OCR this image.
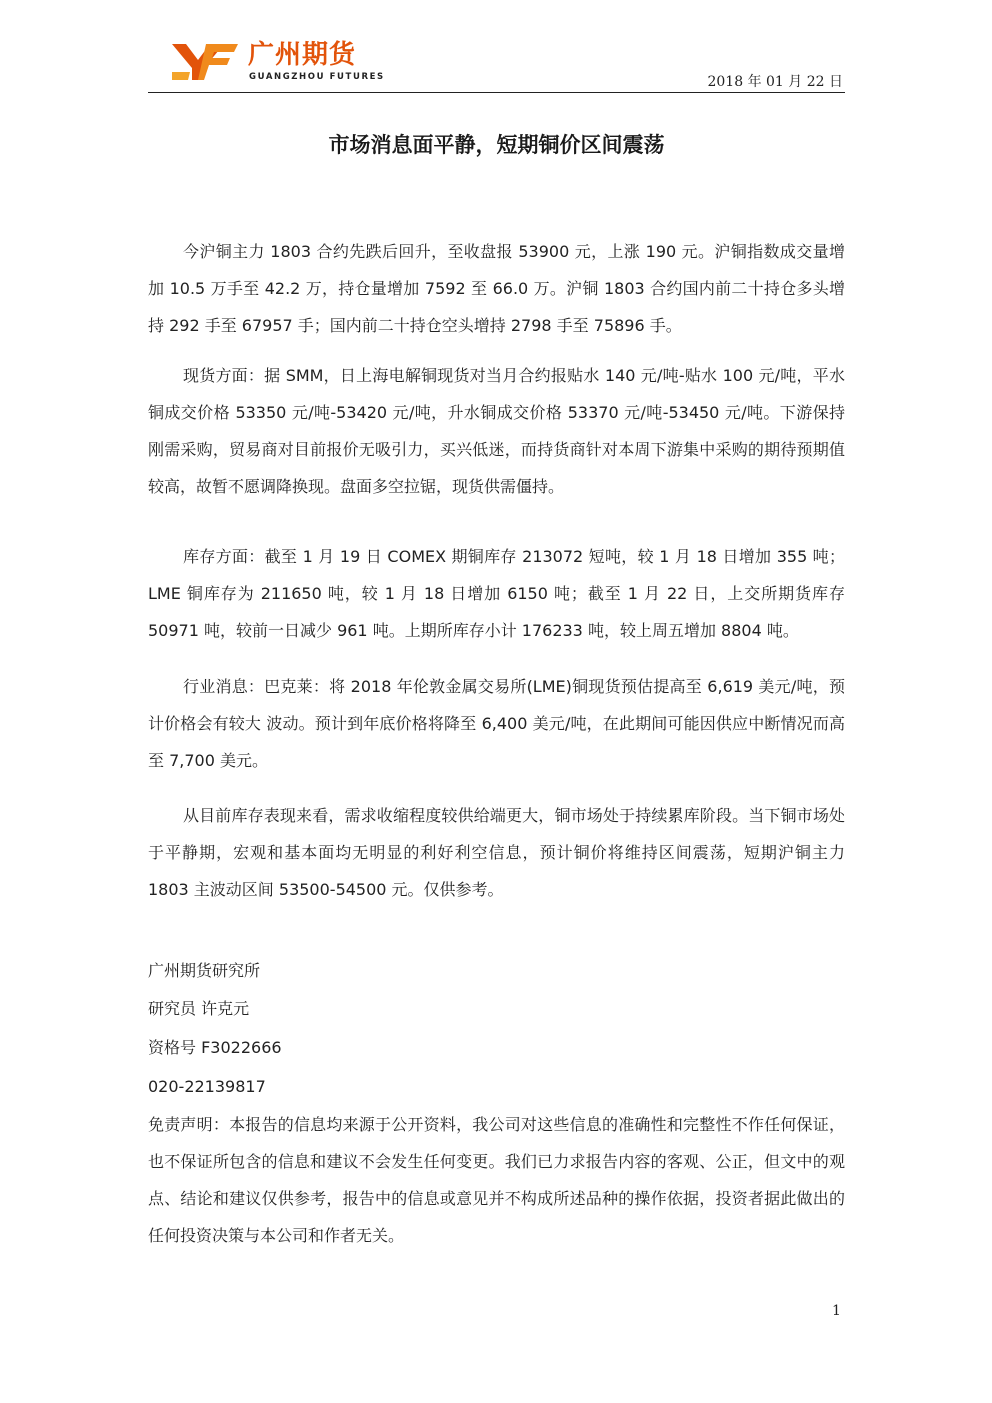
广州期货
GUANGZHOU FUTURES	2018 年 01 月 22 日
市场消息面平静，短期铜价区间震荡

今沪铜主力 1803 合约先跌后回升，至收盘报 53900 元，上涨 190 元。沪铜指数成交量增加 10.5 万手至 42.2 万，持仓量增加 7592 至 66.0 万。沪铜 1803 合约国内前二十持仓多头增持 292 手至 67957 手；国内前二十持仓空头增持 2798 手至 75896 手。

现货方面：据 SMM，日上海电解铜现货对当月合约报贴水 140 元/吨-贴水 100 元/吨，平水铜成交价格 53350 元/吨-53420 元/吨，升水铜成交价格 53370 元/吨-53450 元/吨。下游保持刚需采购，贸易商对目前报价无吸引力，买兴低迷，而持货商针对本周下游集中采购的期待预期值较高，故暂不愿调降换现。盘面多空拉锯，现货供需僵持。

库存方面：截至 1 月 19 日 COMEX 期铜库存 213072 短吨，较 1 月 18 日增加 355 吨；LME 铜库存为 211650 吨，较 1 月 18 日增加 6150 吨；截至 1 月 22 日，上交所期货库存 50971 吨，较前一日减少 961 吨。上期所库存小计 176233 吨，较上周五增加 8804 吨。

行业消息：巴克莱：将 2018 年伦敦金属交易所(LME)铜现货预估提高至 6,619 美元/吨，预计价格会有较大 波动。预计到年底价格将降至 6,400 美元/吨，在此期间可能因供应中断情况而高至 7,700 美元。

从目前库存表现来看，需求收缩程度较供给端更大，铜市场处于持续累库阶段。当下铜市场处于平静期，宏观和基本面均无明显的利好利空信息，预计铜价将维持区间震荡，短期沪铜主力 1803 主波动区间 53500-54500 元。仅供参考。

广州期货研究所
研究员 许克元
资格号 F3022666
020-22139817

免责声明：本报告的信息均来源于公开资料，我公司对这些信息的准确性和完整性不作任何保证，也不保证所包含的信息和建议不会发生任何变更。我们已力求报告内容的客观、公正，但文中的观点、结论和建议仅供参考，报告中的信息或意见并不构成所述品种的操作依据，投资者据此做出的任何投资决策与本公司和作者无关。

1
